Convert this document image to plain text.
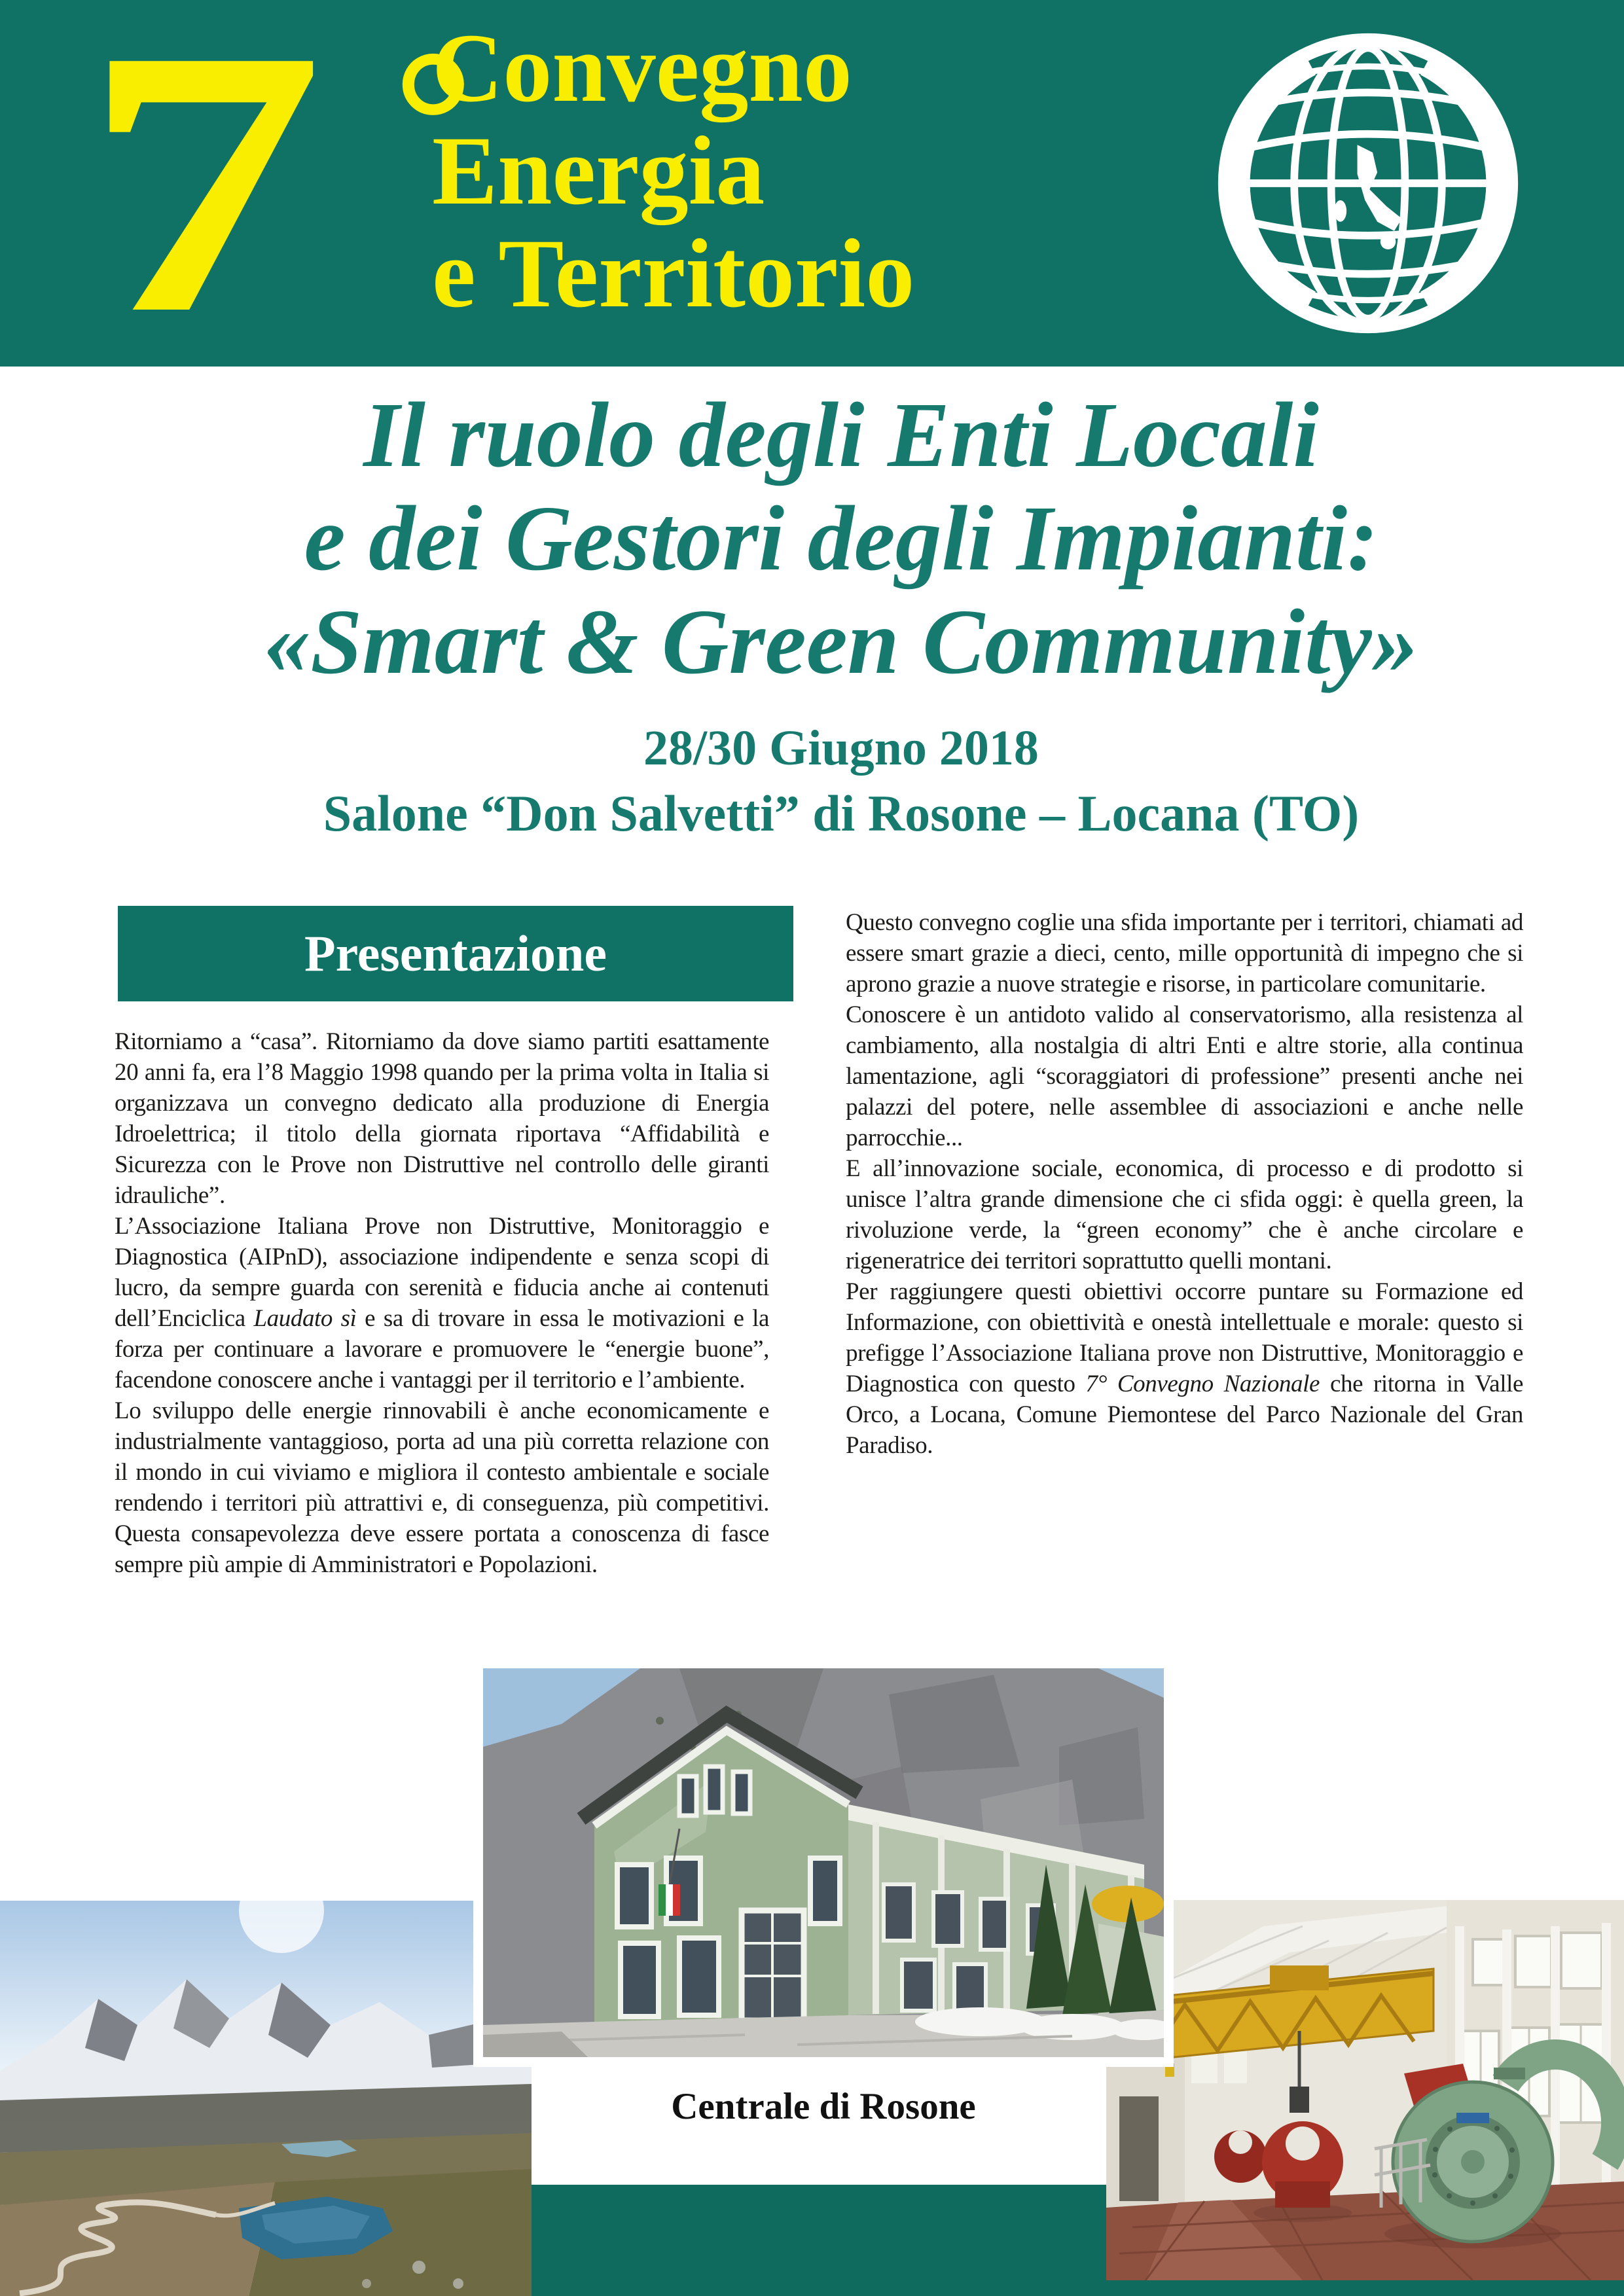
7 °
Convegno
Energia
e Territorio
Il ruolo degli Enti Locali
e dei Gestori degli Impianti:
«Smart & Green Community»
28/30 Giugno 2018
Salone “Don Salvetti” di Rosone – Locana (TO)
Presentazione

Ritorniamo a “casa”. Ritorniamo da dove siamo partiti esattamente 20 anni fa, era l’8 Maggio 1998 quando per la prima volta in Italia si organizzava un convegno dedicato alla produzione di Energia Idroelettrica; il titolo della giornata riportava “Affidabilità e Sicurezza con le Prove non Distruttive nel controllo delle giranti idrauliche”.

L’Associazione Italiana Prove non Distruttive, Monitoraggio e Diagnostica (AIPnD), associazione indipendente e senza scopi di lucro, da sempre guarda con serenità e fiducia anche ai contenuti dell’Enciclica Laudato sì e sa di trovare in essa le motivazioni e la forza per continuare a lavorare e promuovere le “energie buone”, facendone conoscere anche i vantaggi per il territorio e l’ambiente.

Lo sviluppo delle energie rinnovabili è anche economicamente e industrialmente vantaggioso, porta ad una più corretta relazione con il mondo in cui viviamo e migliora il contesto ambientale e sociale rendendo i territori più attrattivi e, di conseguenza, più competitivi. Questa consapevolezza deve essere portata a conoscenza di fasce sempre più ampie di Amministratori e Popolazioni.

Questo convegno coglie una sfida importante per i territori, chiamati ad essere smart grazie a dieci, cento, mille opportunità di impegno che si aprono grazie a nuove strategie e risorse, in particolare comunitarie.

Conoscere è un antidoto valido al conservatorismo, alla resistenza al cambiamento, alla nostalgia di altri Enti e altre storie, alla continua lamentazione, agli “scoraggiatori di professione” presenti anche nei palazzi del potere, nelle assemblee di associazioni e anche nelle parrocchie...

E all’innovazione sociale, economica, di processo e di prodotto si unisce l’altra grande dimensione che ci sfida oggi: è quella green, la rivoluzione verde, la “green economy” che è anche circolare e rigeneratrice dei territori soprattutto quelli montani.

Per raggiungere questi obiettivi occorre puntare su Formazione ed Informazione, con obiettività e onestà intellettuale e morale: questo si prefigge l’Associazione Italiana prove non Distruttive, Monitoraggio e Diagnostica con questo 7° Convegno Nazionale che ritorna in Valle Orco, a Locana, Comune Piemontese del Parco Nazionale del Gran Paradiso.

Centrale di Rosone
